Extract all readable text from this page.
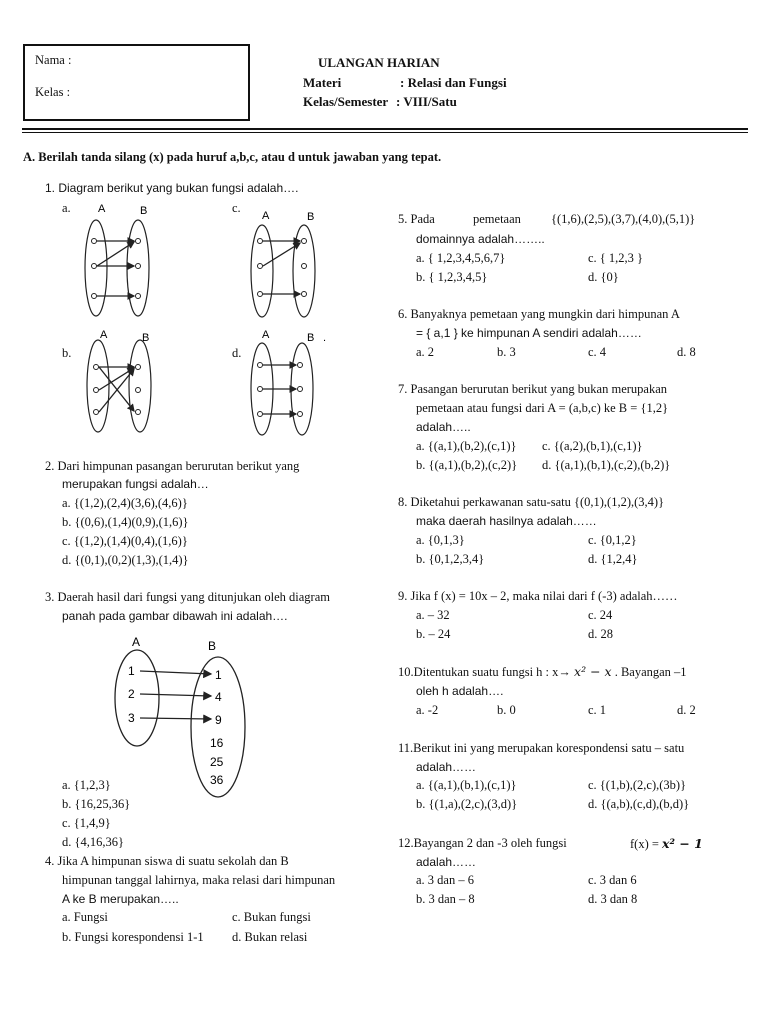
Nama :
Kelas :
ULANGAN HARIAN
Materi	: Relasi dan Fungsi
Kelas/Semester : VIII/Satu
A. Berilah tanda silang (x) pada huruf a,b,c, atau d untuk jawaban yang tepat.
1. Diagram berikut yang bukan fungsi adalah….
a.	c.
b.	d.
A	B	A	B
A	B	A	B .
2. Dari himpunan pasangan berurutan berikut yang
merupakan fungsi adalah…
a. {(1,2),(2,4)(3,6),(4,6)}
b. {(0,6),(1,4)(0,9),(1,6)}
c. {(1,2),(1,4)(0,4),(1,6)}
d. {(0,1),(0,2)(1,3),(1,4)}
3. Daerah hasil dari fungsi yang ditunjukan oleh diagram
panah pada gambar dibawah ini adalah….
A	B
1
2
3
1
4
9
16
25
36
a. {1,2,3}
b. {16,25,36}
c. {1,4,9}
d. {4,16,36}
4. Jika A himpunan siswa di suatu sekolah dan B
himpunan tanggal lahirnya, maka relasi dari himpunan
A ke B merupakan…..
a. Fungsi	c. Bukan fungsi
b. Fungsi korespondensi 1-1 d. Bukan relasi
5. Pada	pemetaan {(1,6),(2,5),(3,7),(4,0),(5,1)}
domainnya adalah……..
a. { 1,2,3,4,5,6,7}	c. { 1,2,3 }
b. { 1,2,3,4,5}	d. {0}
6. Banyaknya pemetaan yang mungkin dari himpunan A
= { a,1 } ke himpunan A sendiri adalah……
a. 2	b. 3	c. 4	d. 8
7. Pasangan berurutan berikut yang bukan merupakan
pemetaan atau fungsi dari A = (a,b,c) ke B = {1,2}
adalah…..
a. {(a,1),(b,2),(c,1)} c. {(a,2),(b,1),(c,1)}
b. {(a,1),(b,2),(c,2)} d. {(a,1),(b,1),(c,2),(b,2)}
8. Diketahui perkawanan satu-satu {(0,1),(1,2),(3,4)}
maka daerah hasilnya adalah……
a. {0,1,3}	c. {0,1,2}
b. {0,1,2,3,4}	d. {1,2,4}
9. Jika f (x) = 10x – 2, maka nilai dari f (-3) adalah……
a. – 32	c. 24
b. – 24	d. 28
10.Ditentukan suatu fungsi h : x→ x² − x . Bayangan –1
oleh h adalah….
a. -2	b. 0	c. 1	d. 2
11.Berikut ini yang merupakan korespondensi satu – satu
adalah……
a. {(a,1),(b,1),(c,1)}	c. {(1,b),(2,c),(3b)}
b. {(1,a),(2,c),(3,d)}	d. {(a,b),(c,d),(b,d)}
12.Bayangan 2 dan -3 oleh fungsi	f(x) = x² − 1
adalah……
a. 3 dan – 6	c. 3 dan 6
b. 3 dan – 8	d. 3 dan 8
